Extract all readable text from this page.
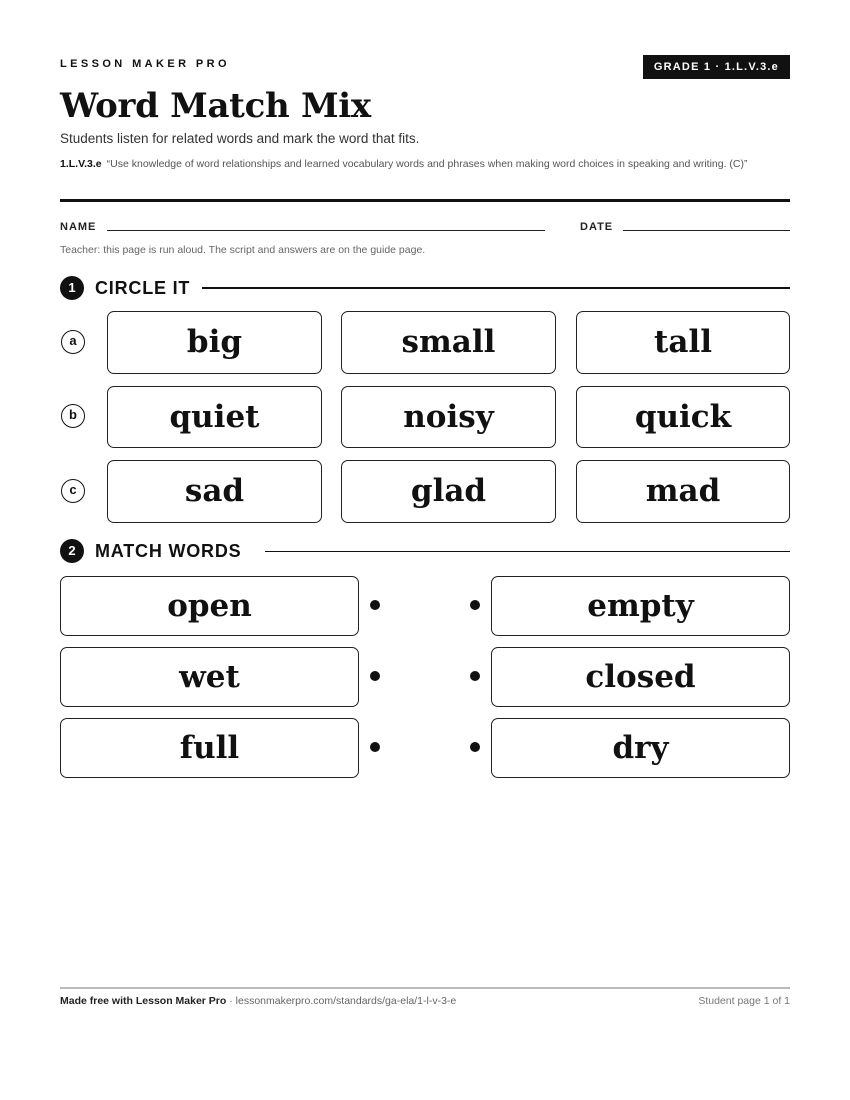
LESSON MAKER PRO	GRADE 1 · 1.L.V.3.e
Word Match Mix
Students listen for related words and mark the word that fits.
1.L.V.3.e “Use knowledge of word relationships and learned vocabulary words and phrases when making word choices in speaking and writing. (C)”
NAME	DATE
Teacher: this page is run aloud. The script and answers are on the guide page.
1	CIRCLE IT
a	big	small	tall
b	quiet	noisy	quick
c	sad	glad	mad
2	MATCH WORDS
open	empty
wet	closed
full	dry
Made free with Lesson Maker Pro · lessonmakerpro.com/standards/ga-ela/1-l-v-3-e	Student page 1 of 1
